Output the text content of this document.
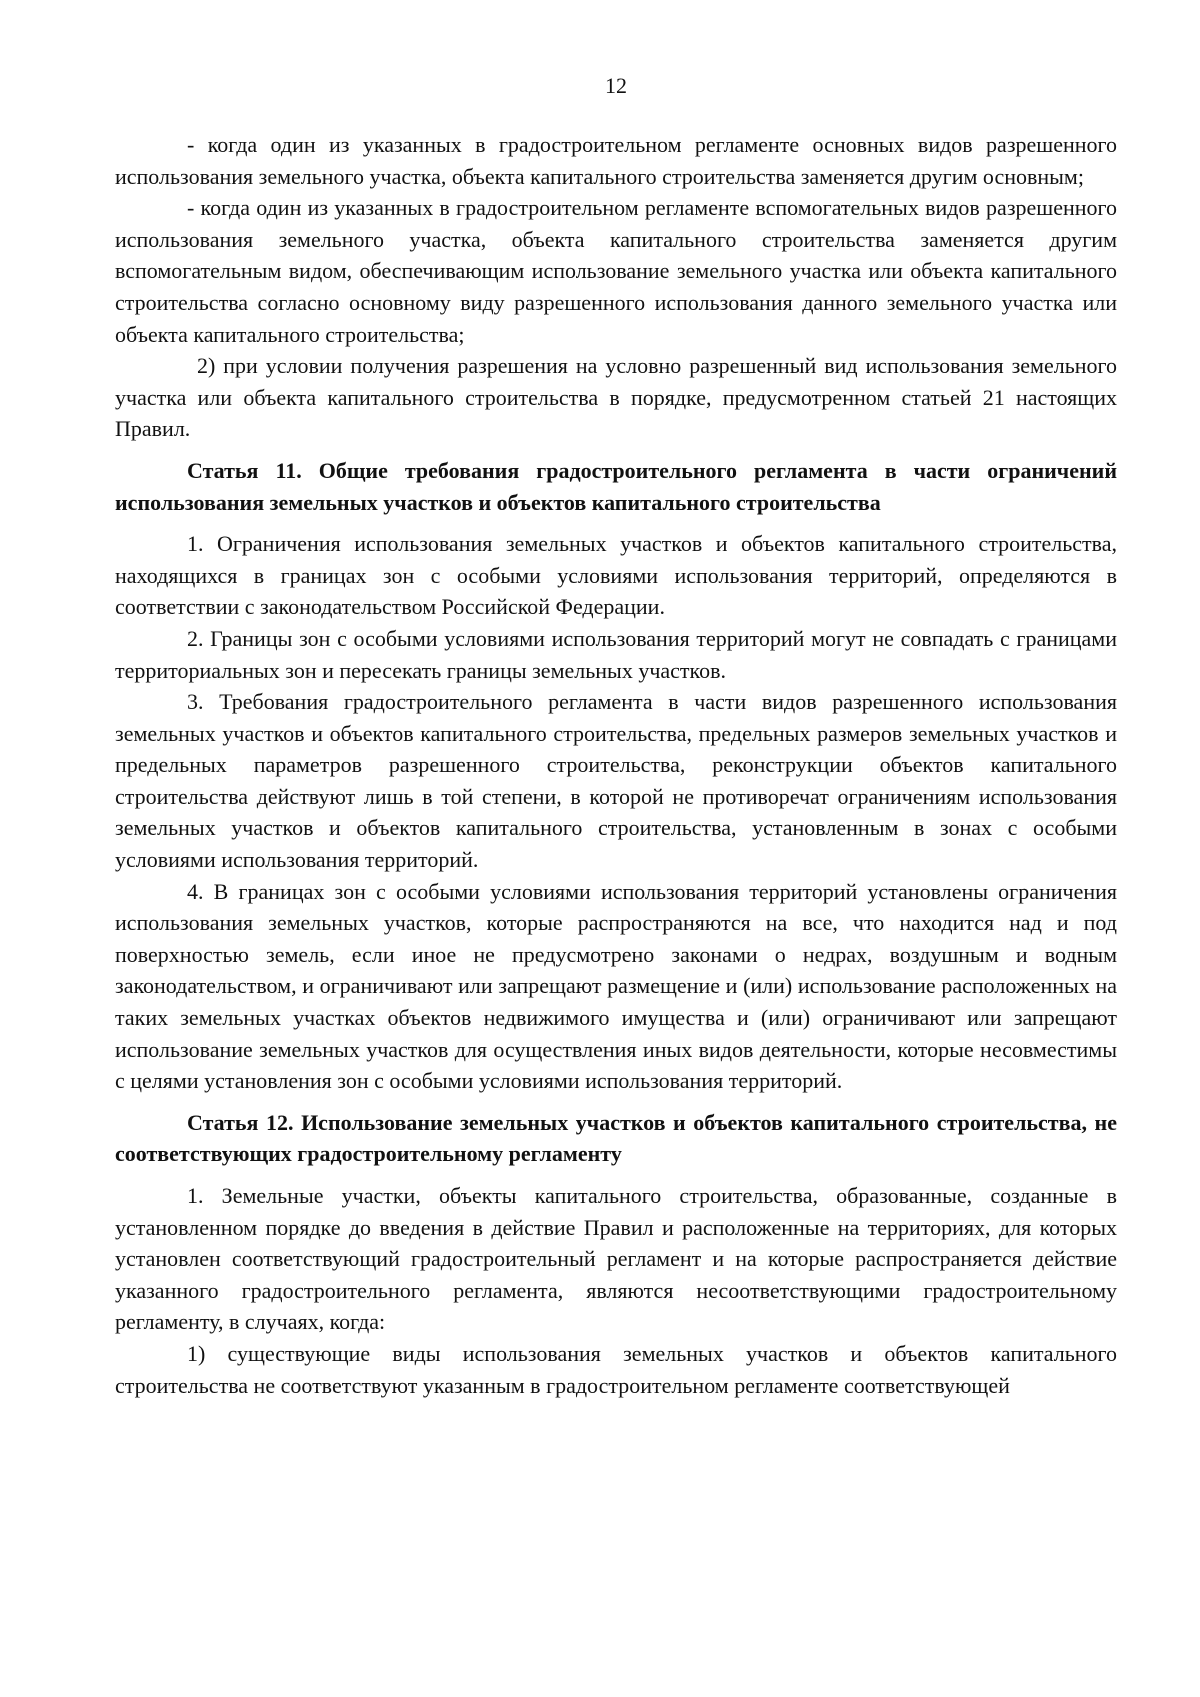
12

- когда один из указанных в градостроительном регламенте основных видов разрешенного использования земельного участка, объекта капитального строительства заменяется другим основным;

- когда один из указанных в градостроительном регламенте вспомогательных видов разрешенного использования земельного участка, объекта капитального строительства заменяется другим вспомогательным видом, обеспечивающим использование земельного участка или объекта капитального строительства согласно основному виду разрешенного использования данного земельного участка или объекта капитального строительства;

2) при условии получения разрешения на условно разрешенный вид использования земельного участка или объекта капитального строительства в порядке, предусмотренном статьей 21 настоящих Правил.

Статья 11. Общие требования градостроительного регламента в части ограничений использования земельных участков и объектов капитального строительства

1. Ограничения использования земельных участков и объектов капитального строительства, находящихся в границах зон с особыми условиями использования территорий, определяются в соответствии с законодательством Российской Федерации.

2. Границы зон с особыми условиями использования территорий могут не совпадать с границами территориальных зон и пересекать границы земельных участков.

3. Требования градостроительного регламента в части видов разрешенного использования земельных участков и объектов капитального строительства, предельных размеров земельных участков и предельных параметров разрешенного строительства, реконструкции объектов капитального строительства действуют лишь в той степени, в которой не противоречат ограничениям использования земельных участков и объектов капитального строительства, установленным в зонах с особыми условиями использования территорий.

4. В границах зон с особыми условиями использования территорий установлены ограничения использования земельных участков, которые распространяются на все, что находится над и под поверхностью земель, если иное не предусмотрено законами о недрах, воздушным и водным законодательством, и ограничивают или запрещают размещение и (или) использование расположенных на таких земельных участках объектов недвижимого имущества и (или) ограничивают или запрещают использование земельных участков для осуществления иных видов деятельности, которые несовместимы с целями установления зон с особыми условиями использования территорий.

Статья 12. Использование земельных участков и объектов капитального строительства, не соответствующих градостроительному регламенту

1. Земельные участки, объекты капитального строительства, образованные, созданные в установленном порядке до введения в действие Правил и расположенные на территориях, для которых установлен соответствующий градостроительный регламент и на которые распространяется действие указанного градостроительного регламента, являются несоответствующими градостроительному регламенту, в случаях, когда:

1) существующие виды использования земельных участков и объектов капитального строительства не соответствуют указанным в градостроительном регламенте соответствующей
